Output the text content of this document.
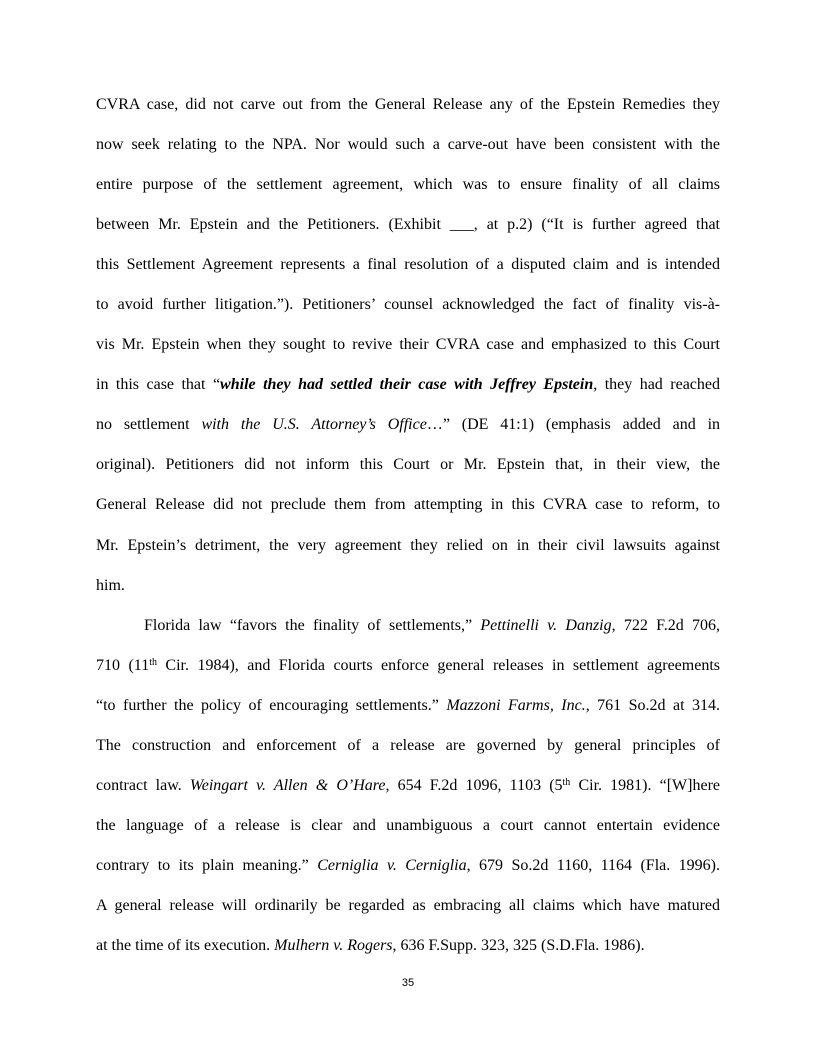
CVRA case, did not carve out from the General Release any of the Epstein Remedies they
now seek relating to the NPA. Nor would such a carve-out have been consistent with the
entire purpose of the settlement agreement, which was to ensure finality of all claims
between Mr. Epstein and the Petitioners. (Exhibit ___, at p.2) (“It is further agreed that
this Settlement Agreement represents a final resolution of a disputed claim and is intended
to avoid further litigation.”). Petitioners’ counsel acknowledged the fact of finality vis-à-
vis Mr. Epstein when they sought to revive their CVRA case and emphasized to this Court
in this case that “while they had settled their case with Jeffrey Epstein, they had reached
no settlement with the U.S. Attorney’s Office…” (DE 41:1) (emphasis added and in
original). Petitioners did not inform this Court or Mr. Epstein that, in their view, the
General Release did not preclude them from attempting in this CVRA case to reform, to
Mr. Epstein’s detriment, the very agreement they relied on in their civil lawsuits against
him.
Florida law “favors the finality of settlements,” Pettinelli v. Danzig, 722 F.2d 706,
710 (11th Cir. 1984), and Florida courts enforce general releases in settlement agreements
“to further the policy of encouraging settlements.” Mazzoni Farms, Inc., 761 So.2d at 314.
The construction and enforcement of a release are governed by general principles of
contract law. Weingart v. Allen & O’Hare, 654 F.2d 1096, 1103 (5th Cir. 1981). “[W]here
the language of a release is clear and unambiguous a court cannot entertain evidence
contrary to its plain meaning.” Cerniglia v. Cerniglia, 679 So.2d 1160, 1164 (Fla. 1996).
A general release will ordinarily be regarded as embracing all claims which have matured
at the time of its execution. Mulhern v. Rogers, 636 F.Supp. 323, 325 (S.D.Fla. 1986).
35
